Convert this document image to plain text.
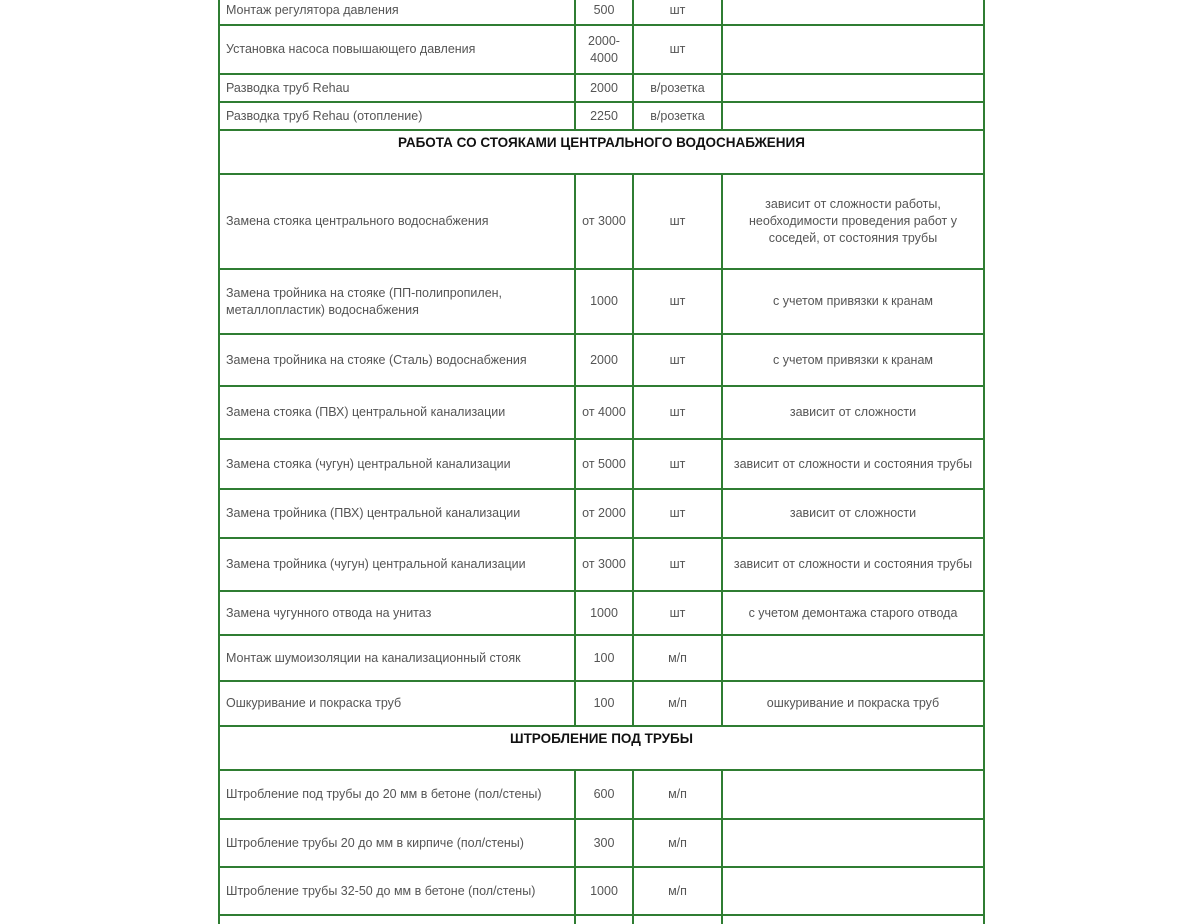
Монтаж регулятора давления	500	шт	
Установка насоса повышающего давления	2000-4000	шт	
Разводка труб Rehau	2000	в/розетка	
Разводка труб Rehau (отопление)	2250	в/розетка	
РАБОТА СО СТОЯКАМИ ЦЕНТРАЛЬНОГО ВОДОСНАБЖЕНИЯ			
Замена стояка центрального водоснабжения	от 3000	шт	зависит от сложности работы, необходимости проведения работ у соседей, от состояния трубы
Замена тройника на стояке (ПП-полипропилен, металлопластик) водоснабжения	1000	шт	с учетом привязки к кранам
Замена тройника на стояке (Сталь) водоснабжения	2000	шт	с учетом привязки к кранам
Замена стояка (ПВХ) центральной канализации	от 4000	шт	зависит от сложности
Замена стояка (чугун) центральной канализации	от 5000	шт	зависит от сложности и состояния трубы
Замена тройника (ПВХ) центральной канализации	от 2000	шт	зависит от сложности
Замена тройника (чугун) центральной канализации	от 3000	шт	зависит от сложности и состояния трубы
Замена чугунного отвода на унитаз	1000	шт	с учетом демонтажа старого отвода
Монтаж шумоизоляции на канализационный стояк	100	м/п	
Ошкуривание и покраска труб	100	м/п	ошкуривание и покраска труб
ШТРОБЛЕНИЕ ПОД ТРУБЫ			
Штробление под трубы до 20 мм в бетоне (пол/стены)	600	м/п	
Штробление трубы 20 до мм в кирпиче (пол/стены)	300	м/п	
Штробление трубы 32-50 до мм в бетоне (пол/стены)	1000	м/п	
